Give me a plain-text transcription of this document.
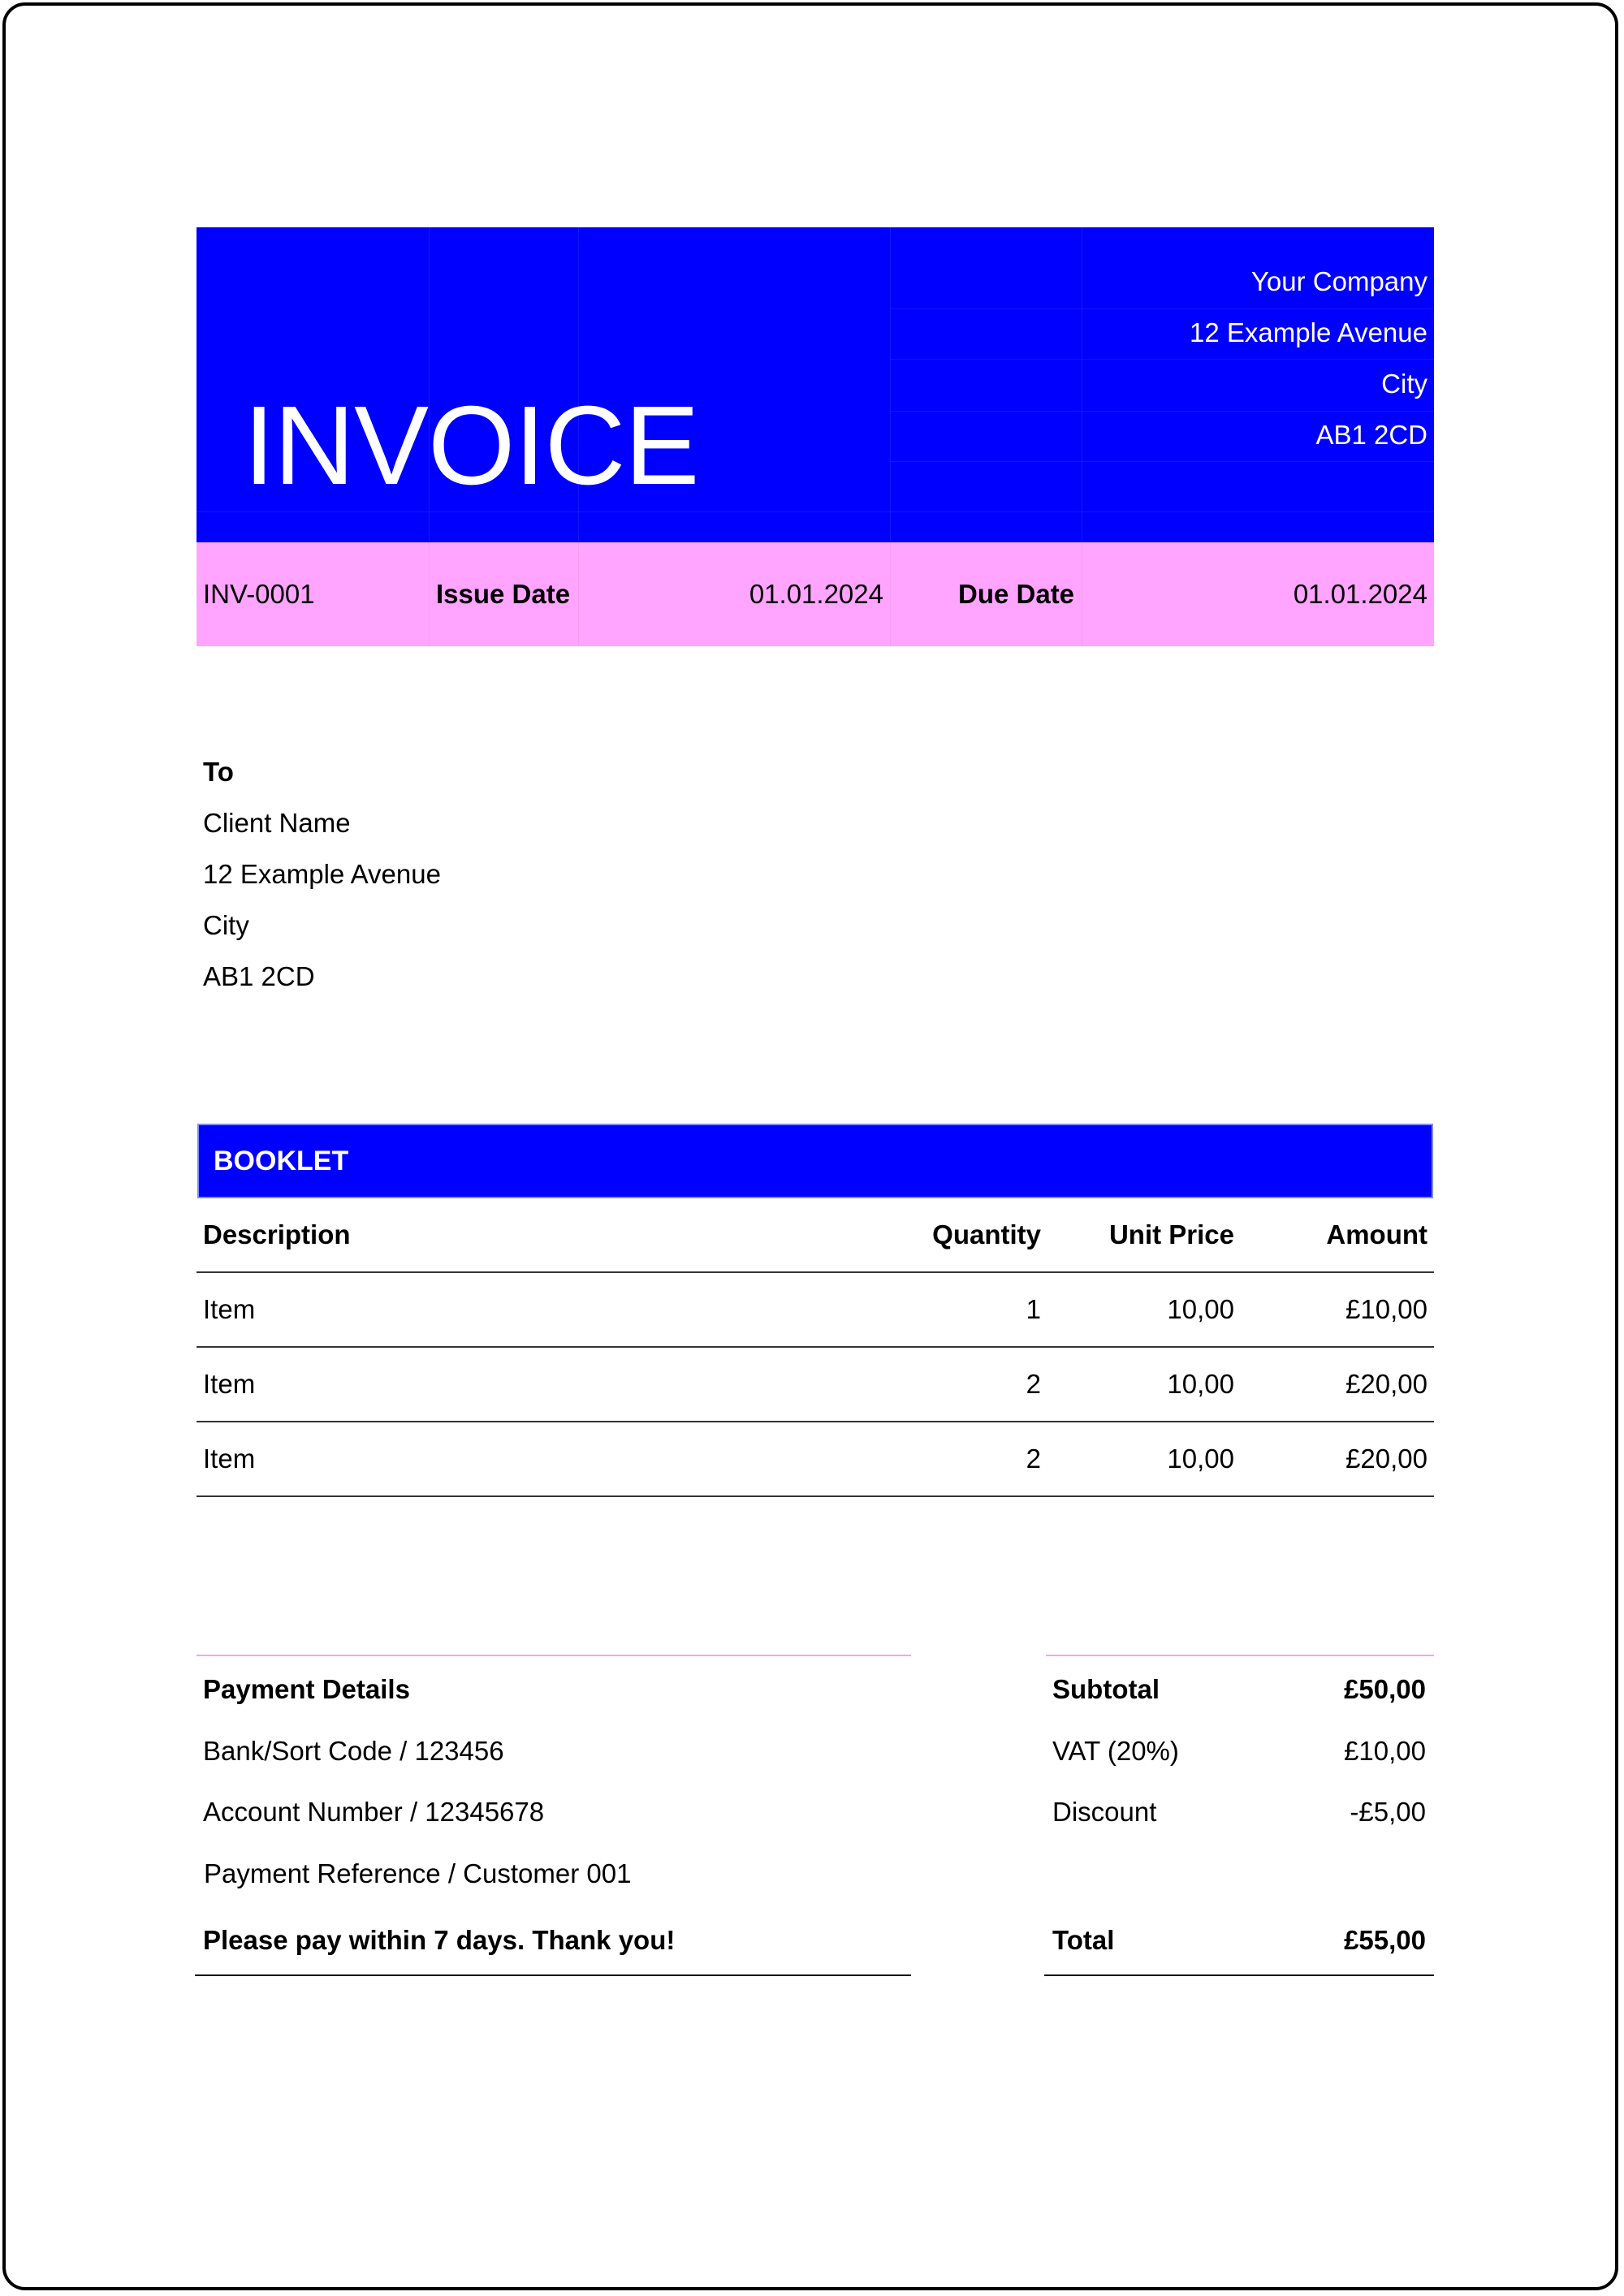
INVOICE
Your Company
12 Example Avenue
City
AB1 2CD
INV-0001	Issue Date	01.01.2024	Due Date	01.01.2024
To
Client Name
12 Example Avenue
City
AB1 2CD
BOOKLET
Description	Quantity	Unit Price	Amount
Item	1	10,00	£10,00
Item	2	10,00	£20,00
Item	2	10,00	£20,00
Payment Details
Bank/Sort Code / 123456
Account Number / 12345678
Payment Reference / Customer 001
Please pay within 7 days. Thank you!
Subtotal	£50,00
VAT (20%)	£10,00
Discount	-£5,00
Total	£55,00
